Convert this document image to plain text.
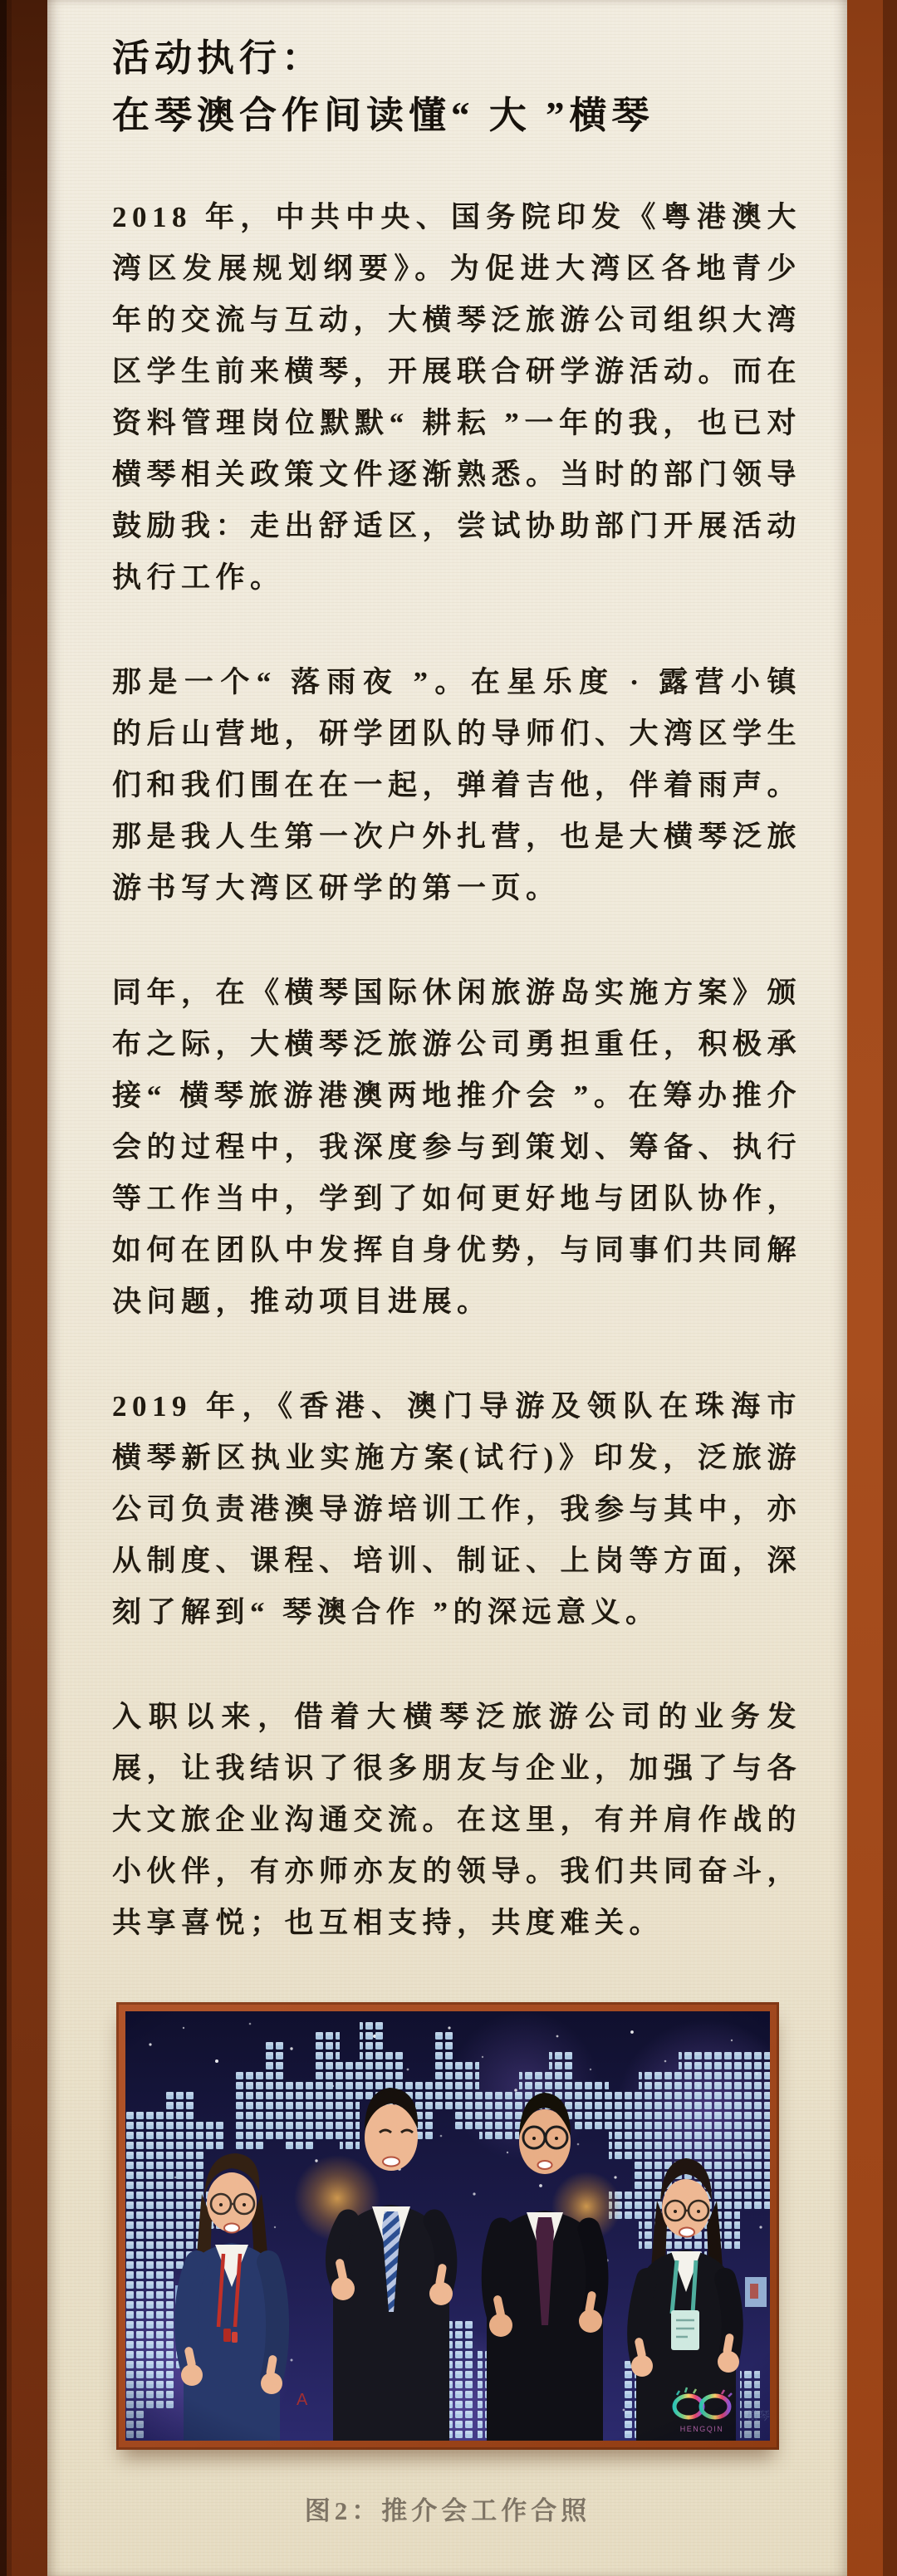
活动执行：
在琴澳合作间读懂“ 大 ”横琴

2018 年，中共中央、国务院印发《粤港澳大湾区发展规划纲要》。为促进大湾区各地青少年的交流与互动，大横琴泛旅游公司组织大湾区学生前来横琴，开展联合研学游活动。而在资料管理岗位默默“ 耕耘 ”一年的我，也已对横琴相关政策文件逐渐熟悉。当时的部门领导鼓励我：走出舒适区，尝试协助部门开展活动执行工作。

那是一个“ 落雨夜 ”。在星乐度 · 露营小镇的后山营地，研学团队的导师们、大湾区学生们和我们围在在一起，弹着吉他，伴着雨声。那是我人生第一次户外扎营，也是大横琴泛旅游书写大湾区研学的第一页。

同年，在《横琴国际休闲旅游岛实施方案》颁布之际，大横琴泛旅游公司勇担重任，积极承接“ 横琴旅游港澳两地推介会 ”。在筹办推介会的过程中，我深度参与到策划、筹备、执行等工作当中，学到了如何更好地与团队协作，如何在团队中发挥自身优势，与同事们共同解决问题，推动项目进展。

2019 年，《香港、澳门导游及领队在珠海市横琴新区执业实施方案(试行)》印发，泛旅游公司负责港澳导游培训工作，我参与其中，亦从制度、课程、培训、制证、上岗等方面，深刻了解到“ 琴澳合作 ”的深远意义。

入职以来，借着大横琴泛旅游公司的业务发展，让我结识了很多朋友与企业，加强了与各大文旅企业沟通交流。在这里，有并肩作战的小伙伴，有亦师亦友的领导。我们共同奋斗，共享喜悦；也互相支持，共度难关。

图2：推介会工作合照
